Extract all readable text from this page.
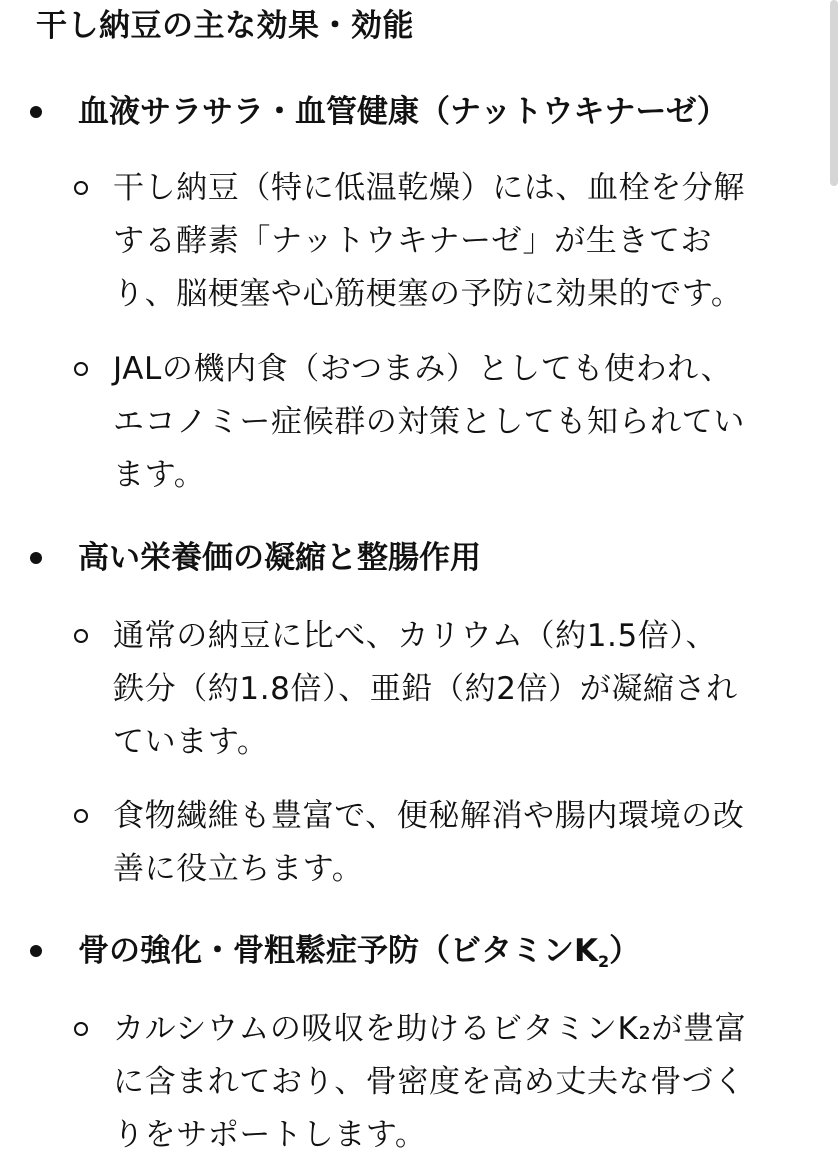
干し納豆の主な効果・効能
血液サラサラ・血管健康（ナットウキナーゼ）
干し納豆（特に低温乾燥）には、血栓を分解
する酵素「ナットウキナーゼ」が生きてお
り、脳梗塞や心筋梗塞の予防に効果的です。
JALの機内食（おつまみ）としても使われ、
エコノミー症候群の対策としても知られてい
ます。
高い栄養価の凝縮と整腸作用
通常の納豆に比べ、カリウム（約1.5倍）、
鉄分（約1.8倍）、亜鉛（約2倍）が凝縮され
ています。
食物繊維も豊富で、便秘解消や腸内環境の改
善に役立ちます。
骨の強化・骨粗鬆症予防（ビタミンK2）
カルシウムの吸収を助けるビタミンK₂が豊富
に含まれており、骨密度を高め丈夫な骨づく
りをサポートします。
